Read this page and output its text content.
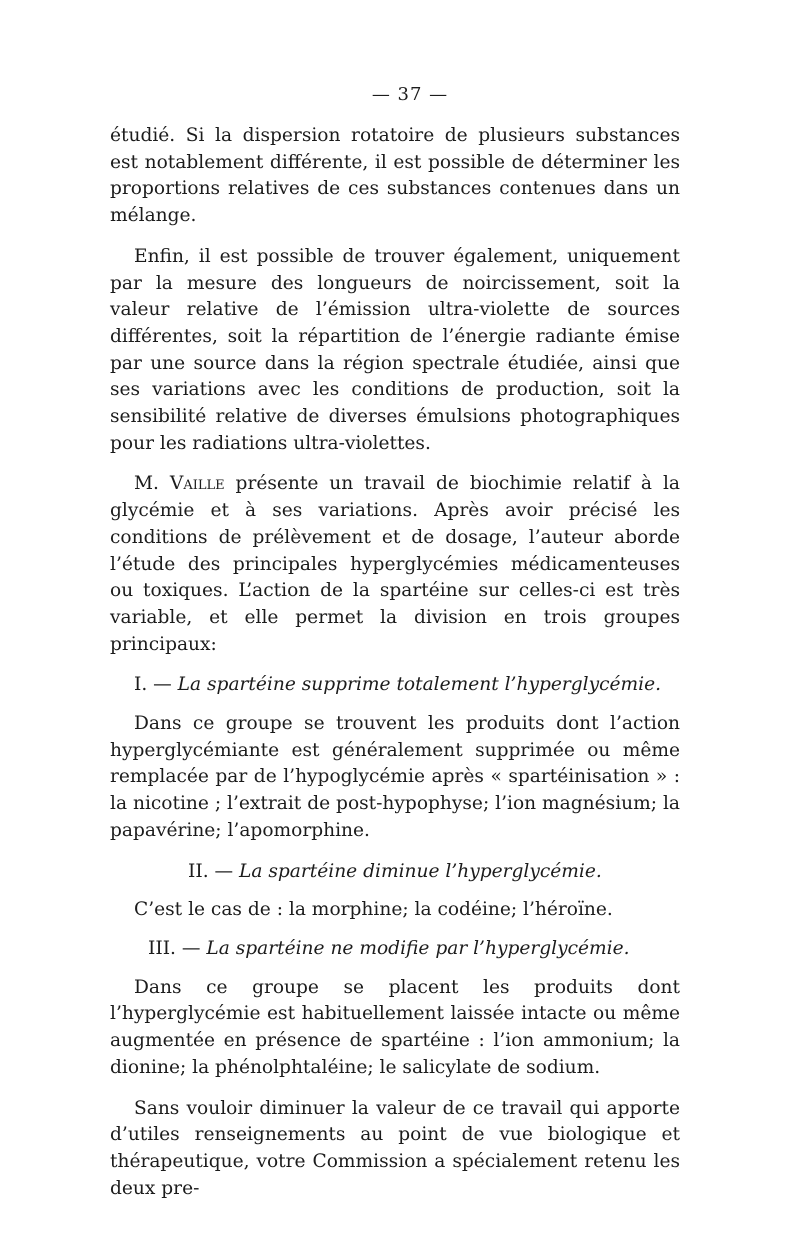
— 37 —

étudié. Si la dispersion rotatoire de plusieurs substances est notablement différente, il est possible de déterminer les proportions relatives de ces substances contenues dans un mélange.

Enfin, il est possible de trouver également, uniquement par la mesure des longueurs de noircissement, soit la valeur relative de l’émission ultra-violette de sources différentes, soit la répartition de l’énergie radiante émise par une source dans la région spectrale étudiée, ainsi que ses variations avec les conditions de production, soit la sensibilité relative de diverses émulsions photographiques pour les radiations ultra-violettes.

M. Vaille présente un travail de biochimie relatif à la glycémie et à ses variations. Après avoir précisé les conditions de prélèvement et de dosage, l’auteur aborde l’étude des principales hyperglycémies médicamenteuses ou toxiques. L’action de la spartéine sur celles-ci est très variable, et elle permet la division en trois groupes principaux:

I. — La spartéine supprime totalement l’hyperglycémie.

Dans ce groupe se trouvent les produits dont l’action hyperglycémiante est généralement supprimée ou même remplacée par de l’hypoglycémie après « spartéinisation » : la nicotine ; l’extrait de post-hypophyse; l’ion magnésium; la papavérine; l’apomorphine.

II. — La spartéine diminue l’hyperglycémie.

C’est le cas de : la morphine; la codéine; l’héroïne.

III. — La spartéine ne modifie par l’hyperglycémie.

Dans ce groupe se placent les produits dont l’hyperglycémie est habituellement laissée intacte ou même augmentée en présence de spartéine : l’ion ammonium; la dionine; la phénolphtaléine; le salicylate de sodium.

Sans vouloir diminuer la valeur de ce travail qui apporte d’utiles renseignements au point de vue biologique et thérapeutique, votre Commission a spécialement retenu les deux pre-
